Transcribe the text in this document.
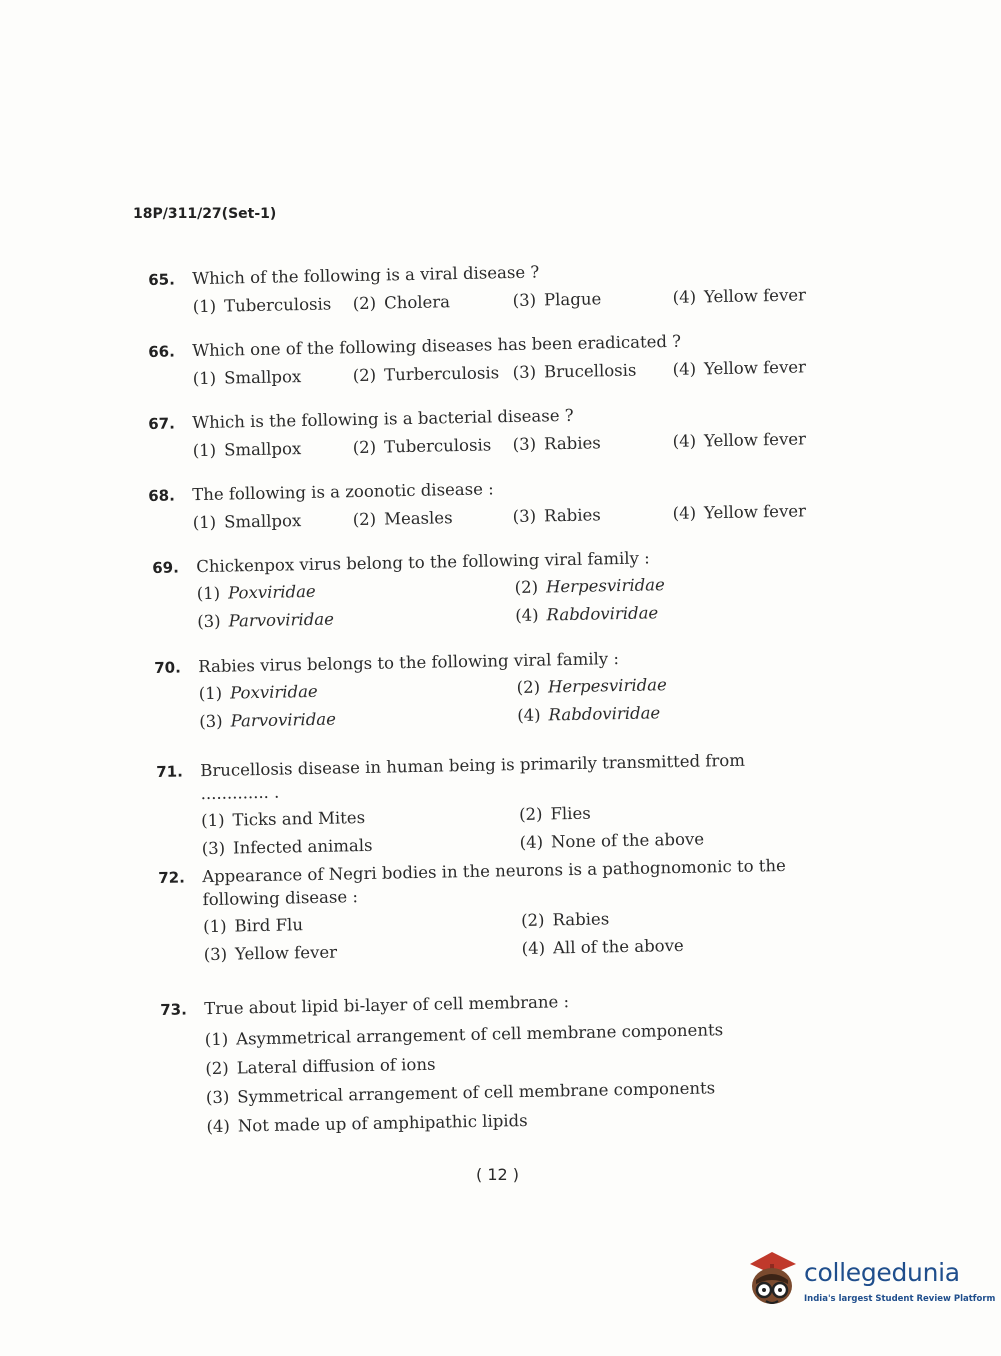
18P/311/27(Set-1)
65.	Which of the following is a viral disease ?
(1) Tuberculosis	(2) Cholera	(3) Plague	(4) Yellow fever
66.	Which one of the following diseases has been eradicated ?
(1) Smallpox	(2) Turberculosis (3) Brucellosis	(4) Yellow fever
67.	Which is the following is a bacterial disease ?
(1) Smallpox	(2) Tuberculosis	(3) Rabies	(4) Yellow fever
68.	The following is a zoonotic disease :
(1) Smallpox	(2) Measles	(3) Rabies	(4) Yellow fever
69.	Chickenpox virus belong to the following viral family :
(1) Poxviridae	(2) Herpesviridae
(3) Parvoviridae	(4) Rabdoviridae
70.	Rabies virus belongs to the following viral family :
(1) Poxviridae	(2) Herpesviridae
(3) Parvoviridae	(4) Rabdoviridae
71.	Brucellosis disease in human being is primarily transmitted from ............. .
(1) Ticks and Mites	(2) Flies
(3) Infected animals	(4) None of the above
72.	Appearance of Negri bodies in the neurons is a pathognomonic to the following disease :
(1) Bird Flu	(2) Rabies
(3) Yellow fever	(4) All of the above
73.	True about lipid bi-layer of cell membrane :
(1) Asymmetrical arrangement of cell membrane components
(2) Lateral diffusion of ions
(3) Symmetrical arrangement of cell membrane components
(4) Not made up of amphipathic lipids
( 12 )
collegedunia
India's largest Student Review Platform
